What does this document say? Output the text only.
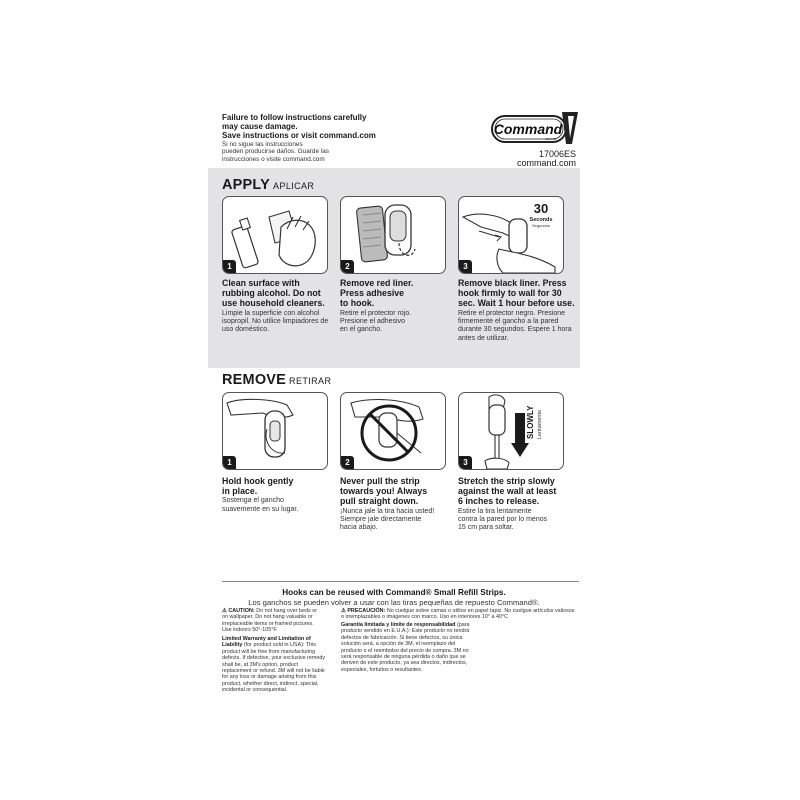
Failure to follow instructions carefully
may cause damage.
Save instructions or visit command.com
Si no sigue las instrucciones
pueden producirse daños. Guarde las
instrucciones o visite command.com
Command
BRAND
17006ES
command.com
APPLY APLICAR
1
Clean surface with
rubbing alcohol. Do not
use household cleaners.
Limpie la superficie con alcohol
isopropil. No utilice limpiadores de
uso doméstico.
2
Remove red liner.
Press adhesive
to hook.
Retire el protector rojo.
Presione el adhesivo
en el gancho.
30
Seconds
Segundos
3
Remove black liner. Press
hook firmly to wall for 30
sec. Wait 1 hour before use.
Retire el protector negro. Presione
firmemente el gancho a la pared
durante 30 segundos. Espere 1 hora
antes de utilizar.
REMOVE RETIRAR
1
Hold hook gently
in place.
Sostenga el gancho
suavemente en su lugar.
2
Never pull the strip
towards you! Always
pull straight down.
¡Nunca jale la tira hacia usted!
Siempre jale directamente
hacia abajo.
SLOWLY Lentamente
3
Stretch the strip slowly
against the wall at least
6 inches to release.
Estire la tira lentamente
contra la pared por lo menos
15 cm para soltar.
Hooks can be reused with Command® Small Refill Strips.
Los ganchos se pueden volver a usar con las tiras pequeñas de repuesto Command®.
⚠ CAUTION: Do not hang over beds or
on wallpaper. Do not hang valuable or
irreplaceable items or framed pictures.
Use indoors 50°-105°F.
Limited Warranty and Limitation of
Liability (for product sold in USA): This
product will be free from manufacturing
defects. If defective, your exclusive remedy
shall be, at 3M's option, product
replacement or refund. 3M will not be liable
for any loss or damage arising from this
product, whether direct, indirect, special,
incidental or consequential.
⚠ PRECAUCIÓN: No cuelgue sobre camas o utilice en papel tapiz. No cuelgue artículos valiosos
o irremplazables o imágenes con marco. Uso en interiores 10° a 40°C
Garantía limitada y límite de responsabilidad (para
producto vendido en E.U.A.): Este producto no tendrá
defectos de fabricación. Si tiene defectos, su única
solución será, a opción de 3M, el reemplazo del
producto o el reembolso del precio de compra. 3M no
será responsable de ninguna pérdida o daño que se
deriven de este producto, ya sea directos, indirectos,
especiales, fortuitos o resultantes.
